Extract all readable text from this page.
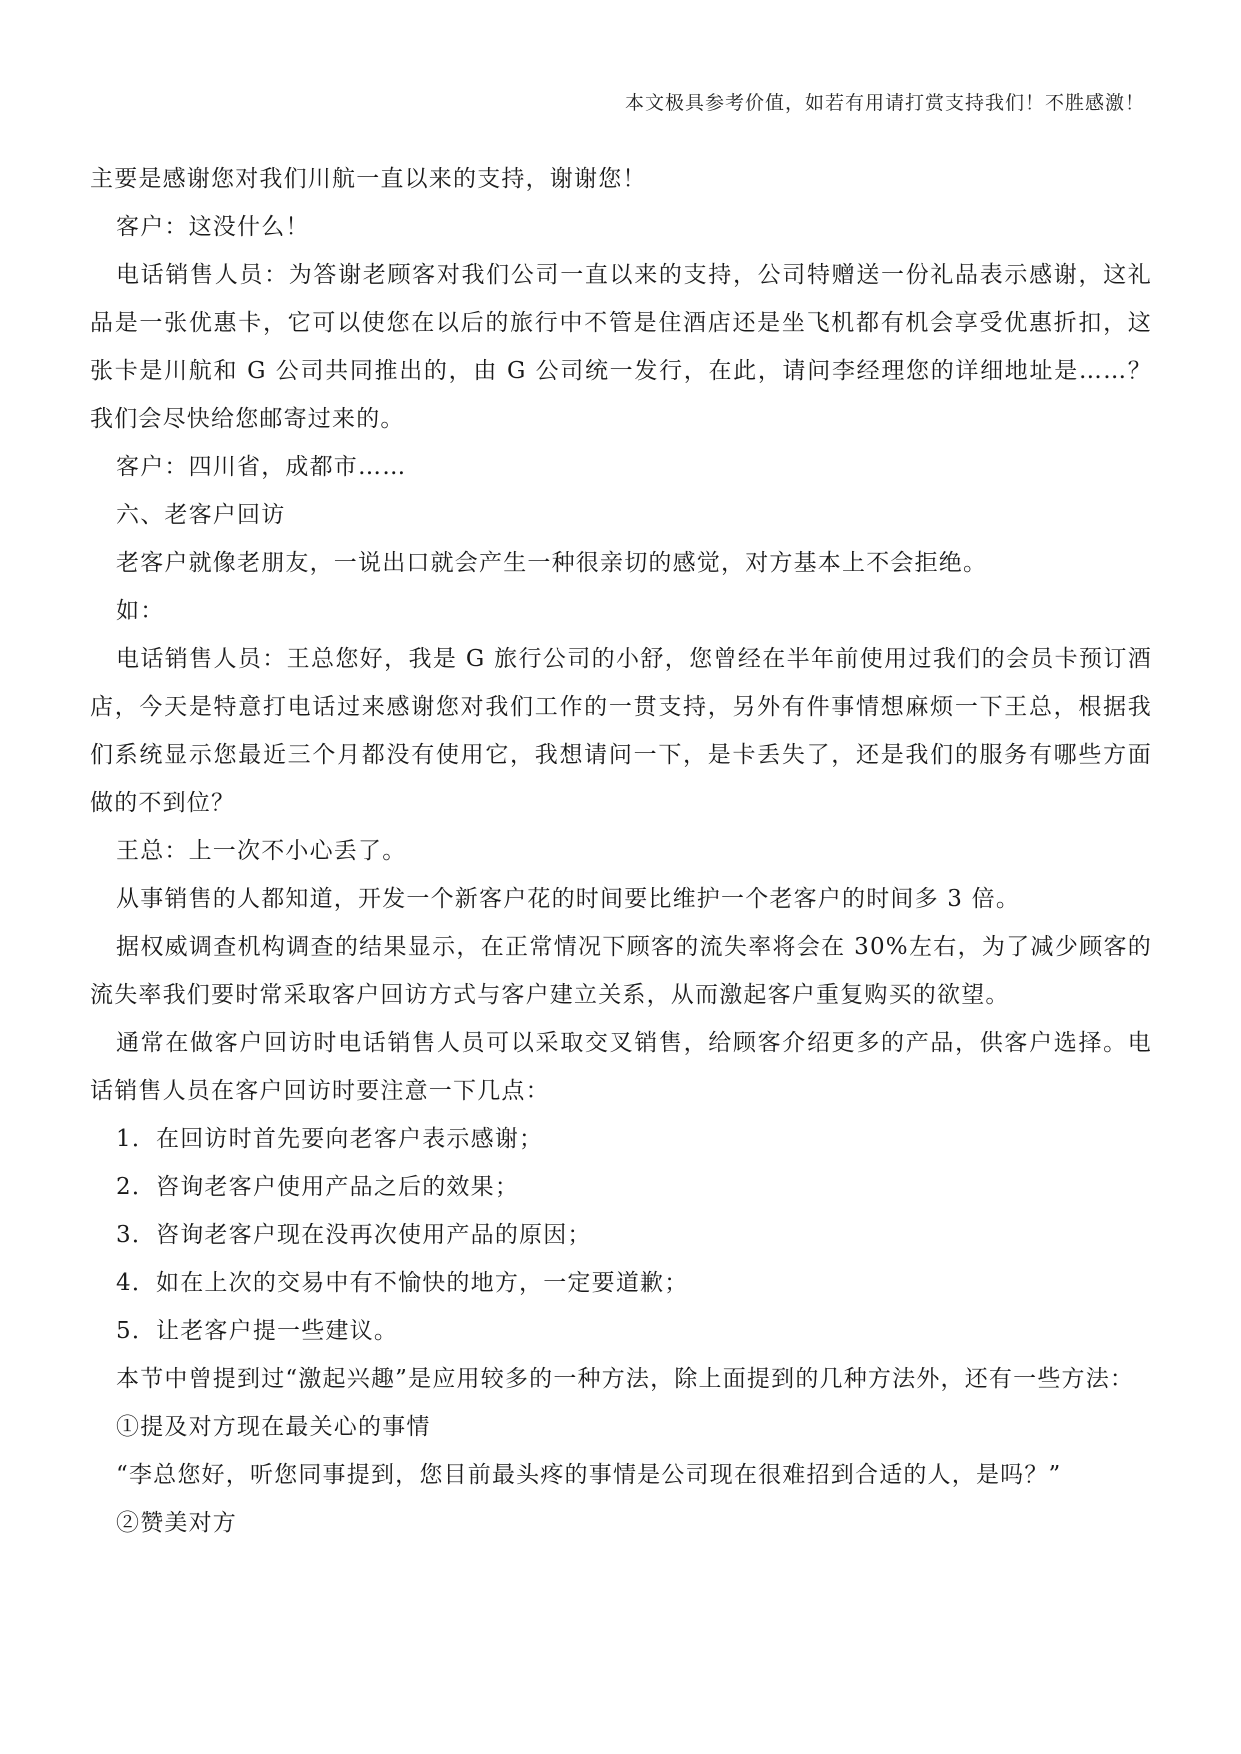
本文极具参考价值，如若有用请打赏支持我们！不胜感激！

主要是感谢您对我们川航一直以来的支持，谢谢您！

客户：这没什么！

电话销售人员：为答谢老顾客对我们公司一直以来的支持，公司特赠送一份礼品表示感谢，这礼品是一张优惠卡，它可以使您在以后的旅行中不管是住酒店还是坐飞机都有机会享受优惠折扣，这张卡是川航和 G 公司共同推出的，由 G 公司统一发行，在此，请问李经理您的详细地址是……？我们会尽快给您邮寄过来的。

客户：四川省，成都市……

六、老客户回访

老客户就像老朋友，一说出口就会产生一种很亲切的感觉，对方基本上不会拒绝。

如：

电话销售人员：王总您好，我是 G 旅行公司的小舒，您曾经在半年前使用过我们的会员卡预订酒店，今天是特意打电话过来感谢您对我们工作的一贯支持，另外有件事情想麻烦一下王总，根据我们系统显示您最近三个月都没有使用它，我想请问一下，是卡丢失了，还是我们的服务有哪些方面做的不到位？

王总：上一次不小心丢了。

从事销售的人都知道，开发一个新客户花的时间要比维护一个老客户的时间多 3 倍。

据权威调查机构调查的结果显示，在正常情况下顾客的流失率将会在 30%左右，为了减少顾客的流失率我们要时常采取客户回访方式与客户建立关系，从而激起客户重复购买的欲望。

通常在做客户回访时电话销售人员可以采取交叉销售，给顾客介绍更多的产品，供客户选择。电话销售人员在客户回访时要注意一下几点：

1．在回访时首先要向老客户表示感谢；

2．咨询老客户使用产品之后的效果；

3．咨询老客户现在没再次使用产品的原因；

4．如在上次的交易中有不愉快的地方，一定要道歉；

5．让老客户提一些建议。

本节中曾提到过“激起兴趣”是应用较多的一种方法，除上面提到的几种方法外，还有一些方法：

①提及对方现在最关心的事情

“李总您好，听您同事提到，您目前最头疼的事情是公司现在很难招到合适的人，是吗？”

②赞美对方
